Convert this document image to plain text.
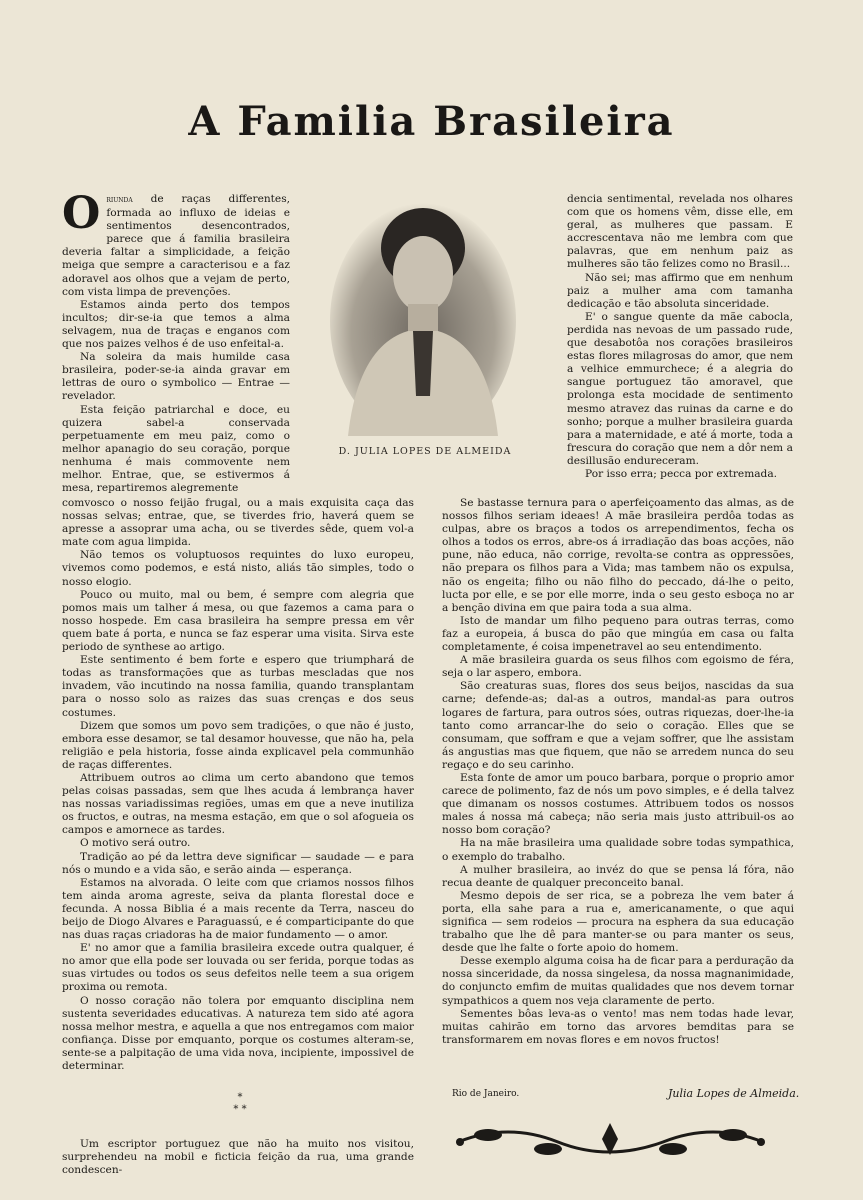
A Familia Brasileira

Oriunda de raças differentes, formada ao influxo de ideias e sentimentos desencontrados, parece que á familia brasileira deveria faltar a simplicidade, a feição meiga que sempre a caracterisou e a faz adoravel aos olhos que a vejam de perto, com vista limpa de prevenções.

Estamos ainda perto dos tempos incultos; dir-se-ia que temos a alma selvagem, nua de traças e enganos com que nos paizes velhos é de uso enfeital-a.

Na soleira da mais humilde casa brasileira, poder-se-ia ainda gravar em lettras de ouro o symbolico — Entrae — revelador.

Esta feição patriarchal e doce, eu quizera sabel-a conservada perpetuamente em meu paiz, como o melhor apanagio do seu coração, porque nenhuma é mais commovente nem melhor. Entrae, que, se estivermos á mesa, repartiremos alegremente

D. JULIA LOPES DE ALMEIDA

dencia sentimental, revelada nos olhares com que os homens vêm, disse elle, em geral, as mulheres que passam. E accrescentava não me lembra com que palavras, que em nenhum paiz as mulheres são tão felizes como no Brasil...

Não sei; mas affirmo que em nenhum paiz a mulher ama com tamanha dedicação e tão absoluta sinceridade.

E' o sangue quente da mãe cabocla, perdida nas nevoas de um passado rude, que desabotôa nos corações brasileiros estas flores milagrosas do amor, que nem a velhice emmurchece; é a alegria do sangue portuguez tão amoravel, que prolonga esta mocidade de sentimento mesmo atravez das ruinas da carne e do sonho; porque a mulher brasileira guarda para a maternidade, e até á morte, toda a frescura do coração que nem a dôr nem a desillusão endureceram.

Por isso erra; pecca por extremada.

comvosco o nosso feijão frugal, ou a mais exquisita caça das nossas selvas; entrae, que, se tiverdes frio, haverá quem se apresse a assoprar uma acha, ou se tiverdes sêde, quem vol-a mate com agua limpida.

Não temos os voluptuosos requintes do luxo europeu, vivemos como podemos, e está nisto, aliás tão simples, todo o nosso elogio.

Pouco ou muito, mal ou bem, é sempre com alegria que pomos mais um talher á mesa, ou que fazemos a cama para o nosso hospede. Em casa brasileira ha sempre pressa em vêr quem bate á porta, e nunca se faz esperar uma visita. Sirva este periodo de synthese ao artigo.

Este sentimento é bem forte e espero que triumphará de todas as transformações que as turbas mescladas que nos invadem, vão incutindo na nossa familia, quando transplantam para o nosso solo as raizes das suas crenças e dos seus costumes.

Dizem que somos um povo sem tradições, o que não é justo, embora esse desamor, se tal desamor houvesse, que não ha, pela religião e pela historia, fosse ainda explicavel pela communhão de raças differentes.

Attribuem outros ao clima um certo abandono que temos pelas coisas passadas, sem que lhes acuda á lembrança haver nas nossas variadissimas regiões, umas em que a neve inutiliza os fructos, e outras, na mesma estação, em que o sol afogueia os campos e amornece as tardes.

O motivo será outro.

Tradição ao pé da lettra deve significar — saudade — e para nós o mundo e a vida são, e serão ainda — esperança.

Estamos na alvorada. O leite com que criamos nossos filhos tem ainda aroma agreste, seiva da planta florestal doce e fecunda. A nossa Biblia é a mais recente da Terra, nasceu do beijo de Diogo Alvares e Paraguassú, e é comparticipante do que nas duas raças criadoras ha de maior fundamento — o amor.

E' no amor que a familia brasileira excede outra qualquer, é no amor que ella pode ser louvada ou ser ferida, porque todas as suas virtudes ou todos os seus defeitos nelle teem a sua origem proxima ou remota.

O nosso coração não tolera por emquanto disciplina nem sustenta severidades educativas. A natureza tem sido até agora nossa melhor mestra, e aquella a que nos entregamos com maior confiança. Disse por emquanto, porque os costumes alteram-se, sente-se a palpitação de uma vida nova, incipiente, impossivel de determinar.

*
* *

Um escriptor portuguez que não ha muito nos visitou, surprehendeu na mobil e ficticia feição da rua, uma grande condescen-

Se bastasse ternura para o aperfeiçoamento das almas, as de nossos filhos seriam ideaes! A mãe brasileira perdôa todas as culpas, abre os braços a todos os arrependimentos, fecha os olhos a todos os erros, abre-os á irradiação das boas acções, não pune, não educa, não corrige, revolta-se contra as oppressões, não prepara os filhos para a Vida; mas tambem não os expulsa, não os engeita; filho ou não filho do peccado, dá-lhe o peito, lucta por elle, e se por elle morre, inda o seu gesto esboça no ar a benção divina em que paira toda a sua alma.

Isto de mandar um filho pequeno para outras terras, como faz a europeia, á busca do pão que mingúa em casa ou falta completamente, é coisa impenetravel ao seu entendimento.

A mãe brasileira guarda os seus filhos com egoismo de féra, seja o lar aspero, embora.

São creaturas suas, flores dos seus beijos, nascidas da sua carne; defende-as; dal-as a outros, mandal-as para outros logares de fartura, para outros sóes, outras riquezas, doer-lhe-ia tanto como arrancar-lhe do seio o coração. Elles que se consumam, que soffram e que a vejam soffrer, que lhe assistam ás angustias mas que fiquem, que não se arredem nunca do seu regaço e do seu carinho.

Esta fonte de amor um pouco barbara, porque o proprio amor carece de polimento, faz de nós um povo simples, e é della talvez que dimanam os nossos costumes. Attribuem todos os nossos males á nossa má cabeça; não seria mais justo attribuil-os ao nosso bom coração?

Ha na mãe brasileira uma qualidade sobre todas sympathica, o exemplo do trabalho.

A mulher brasileira, ao invéz do que se pensa lá fóra, não recua deante de qualquer preconceito banal.

Mesmo depois de ser rica, se a pobreza lhe vem bater á porta, ella sahe para a rua e, americanamente, o que aqui significa — sem rodeios — procura na esphera da sua educação trabalho que lhe dê para manter-se ou para manter os seus, desde que lhe falte o forte apoio do homem.

Desse exemplo alguma coisa ha de ficar para a perduração da nossa sinceridade, da nossa singelesa, da nossa magnanimidade, do conjuncto emfim de muitas qualidades que nos devem tornar sympathicos a quem nos veja claramente de perto.

Sementes bôas leva-as o vento! mas nem todas hade levar, muitas cahirão em torno das arvores bemditas para se transformarem em novas flores e em novos fructos!

Rio de Janeiro.	Julia Lopes de Almeida.
